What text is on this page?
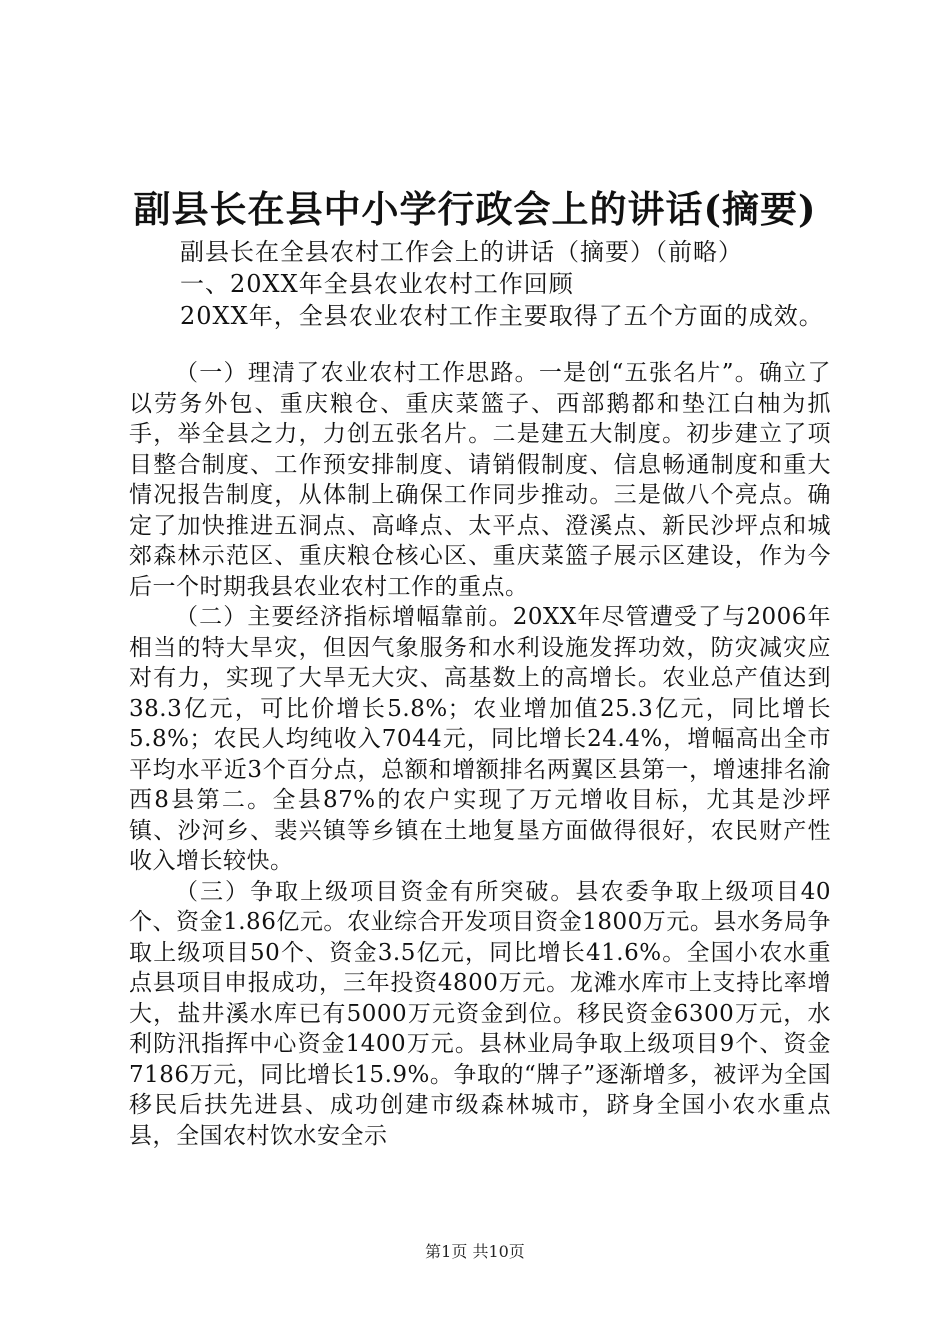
副县长在县中小学行政会上的讲话(摘要)
副县长在全县农村工作会上的讲话（摘要）（前略）
一、20XX年全县农业农村工作回顾
20XX年，全县农业农村工作主要取得了五个方面的成效。

（一）理清了农业农村工作思路。一是创“五张名片”。确立了以劳务外包、重庆粮仓、重庆菜篮子、西部鹅都和垫江白柚为抓手，举全县之力，力创五张名片。二是建五大制度。初步建立了项目整合制度、工作预安排制度、请销假制度、信息畅通制度和重大情况报告制度，从体制上确保工作同步推动。三是做八个亮点。确定了加快推进五洞点、高峰点、太平点、澄溪点、新民沙坪点和城郊森林示范区、重庆粮仓核心区、重庆菜篮子展示区建设，作为今后一个时期我县农业农村工作的重点。

（二）主要经济指标增幅靠前。20XX年尽管遭受了与2006年相当的特大旱灾，但因气象服务和水利设施发挥功效，防灾减灾应对有力，实现了大旱无大灾、高基数上的高增长。农业总产值达到38.3亿元，可比价增长5.8%；农业增加值25.3亿元，同比增长5.8%；农民人均纯收入7044元，同比增长24.4%，增幅高出全市平均水平近3个百分点，总额和增额排名两翼区县第一，增速排名渝西8县第二。全县87%的农户实现了万元增收目标，尤其是沙坪镇、沙河乡、裴兴镇等乡镇在土地复垦方面做得很好，农民财产性收入增长较快。

（三）争取上级项目资金有所突破。县农委争取上级项目40个、资金1.86亿元。农业综合开发项目资金1800万元。县水务局争取上级项目50个、资金3.5亿元，同比增长41.6%。全国小农水重点县项目申报成功，三年投资4800万元。龙滩水库市上支持比率增大，盐井溪水库已有5000万元资金到位。移民资金6300万元，水利防汛指挥中心资金1400万元。县林业局争取上级项目9个、资金7186万元，同比增长15.9%。争取的“牌子”逐渐增多，被评为全国移民后扶先进县、成功创建市级森林城市，跻身全国小农水重点县，全国农村饮水安全示

第1页 共10页
